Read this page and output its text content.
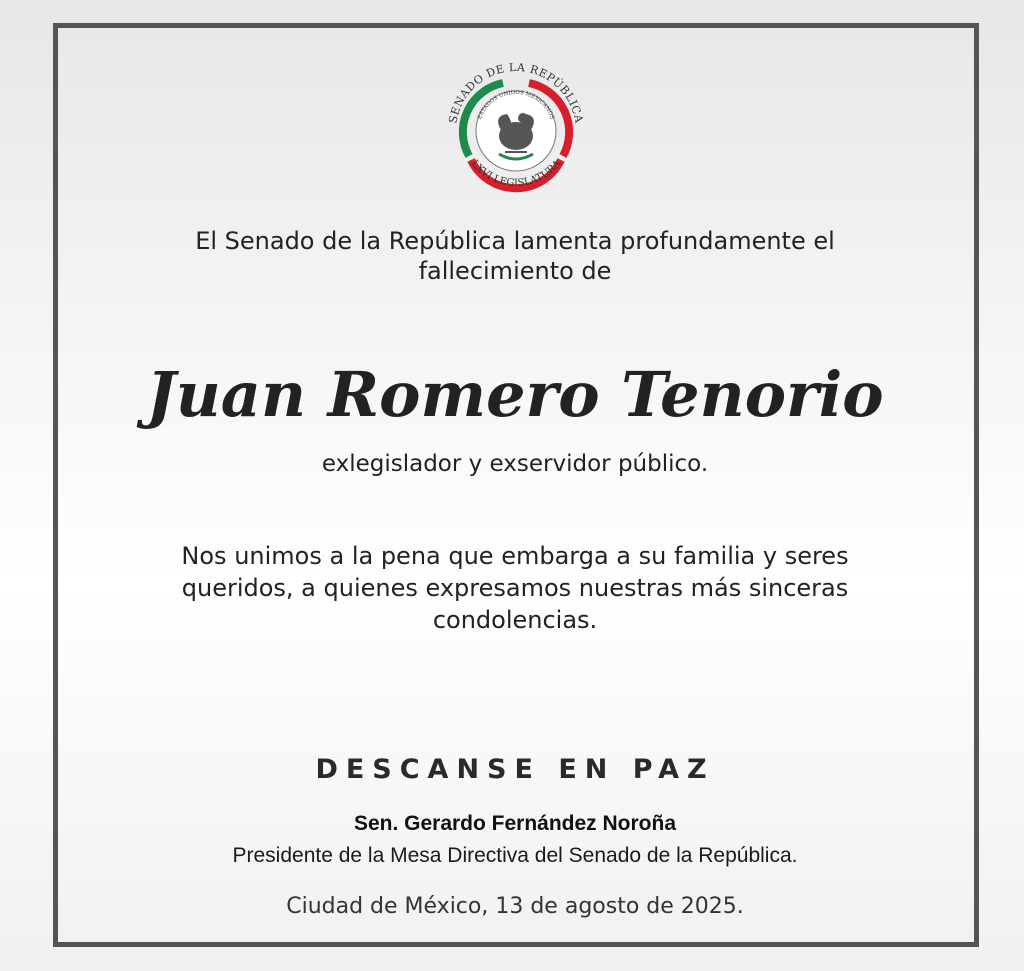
SENADO DE LA REPÚBLICA
ESTADOS UNIDOS MEXICANOS
LXVI LEGISLATURA
El Senado de la República lamenta profundamente el
fallecimiento de
Juan Romero Tenorio
exlegislador y exservidor público.
Nos unimos a la pena que embarga a su familia y seres
queridos, a quienes expresamos nuestras más sinceras
condolencias.
DESCANSE EN PAZ
Sen. Gerardo Fernández Noroña
Presidente de la Mesa Directiva del Senado de la República.
Ciudad de México, 13 de agosto de 2025.
